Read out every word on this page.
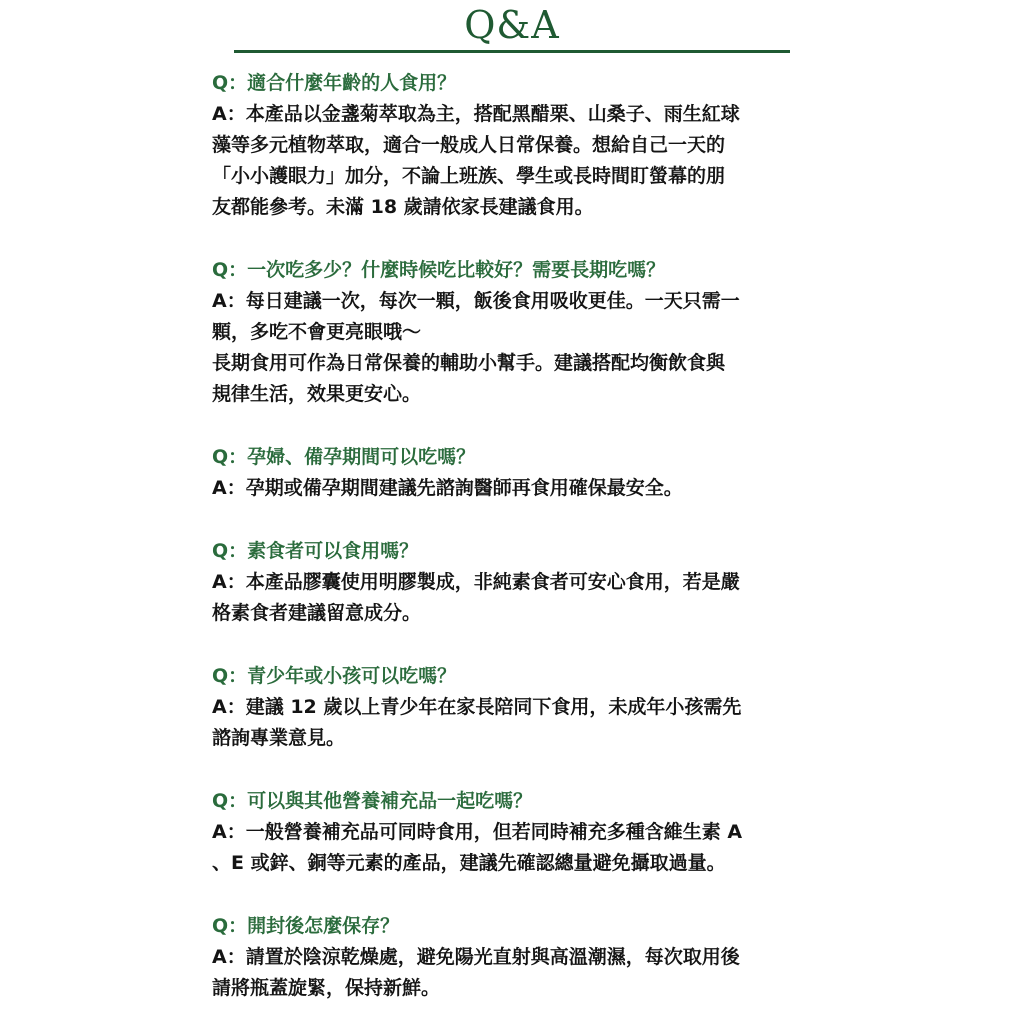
Q&A
Q：適合什麼年齡的人食用？
A：本產品以金盞菊萃取為主，搭配黑醋栗、山桑子、雨生紅球
藻等多元植物萃取，適合一般成人日常保養。想給自己一天的
「小小護眼力」加分，不論上班族、學生或長時間盯螢幕的朋
友都能參考。未滿 18 歲請依家長建議食用。
Q：一次吃多少？什麼時候吃比較好？需要長期吃嗎？
A：每日建議一次，每次一顆，飯後食用吸收更佳。一天只需一
顆，多吃不會更亮眼哦～
長期食用可作為日常保養的輔助小幫手。建議搭配均衡飲食與
規律生活，效果更安心。
Q：孕婦、備孕期間可以吃嗎？
A：孕期或備孕期間建議先諮詢醫師再食用確保最安全。
Q：素食者可以食用嗎？
A：本產品膠囊使用明膠製成，非純素食者可安心食用，若是嚴
格素食者建議留意成分。
Q：青少年或小孩可以吃嗎？
A：建議 12 歲以上青少年在家長陪同下食用，未成年小孩需先
諮詢專業意見。
Q：可以與其他營養補充品一起吃嗎？
A：一般營養補充品可同時食用，但若同時補充多種含維生素 A
、E 或鋅、銅等元素的產品，建議先確認總量避免攝取過量。
Q：開封後怎麼保存？
A：請置於陰涼乾燥處，避免陽光直射與高溫潮濕，每次取用後
請將瓶蓋旋緊，保持新鮮。
